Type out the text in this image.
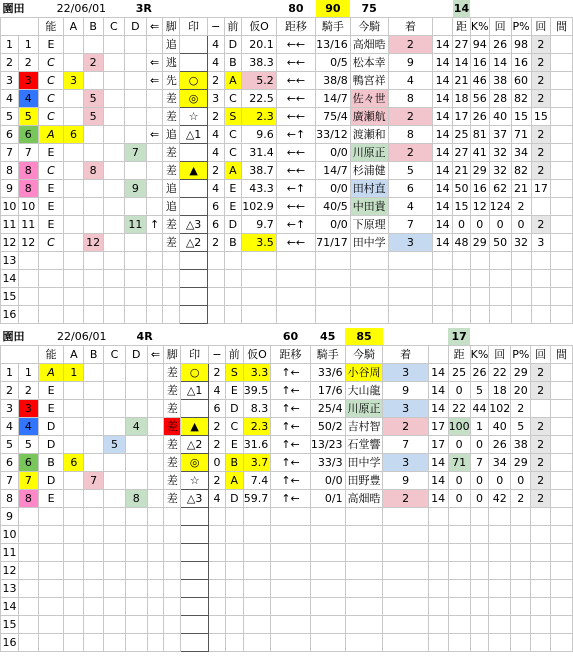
園田		22/06/01				3R							80	90	75			14					
		能	A	B	C	D	⇐	脚	印	−	前	仮O	距移	騎手	今騎	着		距	K%	回	P%	回	間
1	1	E						追		4	D	20.1	←←	13/16	高畑晧	2	14	27	94	26	98	2	
2	2	C		2			⇐	逃		4	B	38.3	←←	0/5	松本幸	9	14	14	16	14	16	2	
3	3	C	3				⇐	先	○	2	A	5.2	←←	38/8	鴨宮祥	4	14	21	46	38	60	2	
4	4	C		5				差	◎	3	C	22.5	←←	14/7	佐々世	8	14	18	56	28	82	2	
5	5	C		5				差	☆	2	S	2.3	←←	75/4	廣瀬航	2	14	17	26	40	15	15	
6	6	A	6				⇐	追	△1	4	C	9.6	←↑	33/12	渡瀬和	8	14	25	81	37	71	2	
7	7	E				7		差		4	C	31.4	←←	0/0	川原正	2	14	27	41	32	34	2	
8	8	C		8				差	▲	2	A	38.7	←←	14/7	杉浦健	5	14	21	29	32	82	2	
9	8	E				9		追		4	E	43.3	←↑	0/0	田村直	6	14	50	16	62	21	17	
10	10	E						追		6	E	102.9	←←	40/5	中田貴	4	14	15	12	124	2		
11	11	E				11	↑	差	△3	6	D	9.7	←↑	0/0	下原理	7	14	0	0	0	0	2	
12	12	C		12				差	△2	2	B	3.5	←←	71/17	田中学	3	14	48	29	50	32	3	
13																							
14																							
15																							
16																							
園田		22/06/01				4R							60	45	85			17					
		能	A	B	C	D	⇐	脚	印	−	前	仮O	距移	騎手	今騎	着		距	K%	回	P%	回	間
1	1	A	1					差	○	2	S	3.3	↑←	33/6	小谷周	3	14	25	26	22	29	2	
2	2	E						差	△1	4	E	39.5	↑←	17/6	大山龍	9	14	0	5	18	20	2	
3	3	E						差		6	D	8.3	↑←	25/4	川原正	3	14	22	44	102	2		
4	4	D				4		差	▲	2	C	2.3	↑←	50/2	吉村智	2	17	100	1	40	5	2	
5	5	D			5			差	△2	2	E	31.6	↑←	13/23	石堂響	7	17	0	0	26	38	2	
6	6	B	6					差	◎	0	B	3.7	↑←	33/3	田中学	3	14	71	7	34	29	2	
7	7	D		7				差	☆	2	A	7.4	↑←	0/0	田野豊	9	14	0	0	0	0	2	
8	8	E				8		差	△3	4	D	59.7	↑←	0/1	高畑晧	2	14	0	0	42	2	2	
9																							
10																							
11																							
12																							
13																							
14																							
15																							
16																							
